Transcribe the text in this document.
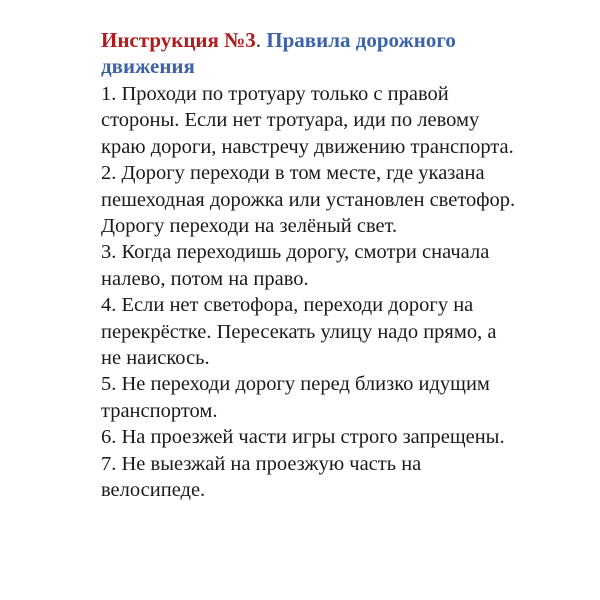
Инструкция №3. Правила дорожного движения

1. Проходи по тротуару только с правой стороны. Если нет тротуара, иди по левому краю дороги, навстречу движению транспорта.

2. Дорогу переходи в том месте, где указана пешеходная дорожка или установлен светофор. Дорогу переходи на зелёный свет.

3. Когда переходишь дорогу, смотри сначала налево, потом на право.

4. Если нет светофора, переходи дорогу на перекрёстке. Пересекать улицу надо прямо, а не наискось.

5. Не переходи дорогу перед близко идущим транспортом.

6. На проезжей части игры строго запрещены.

7. Не выезжай на проезжую часть на велосипеде.
